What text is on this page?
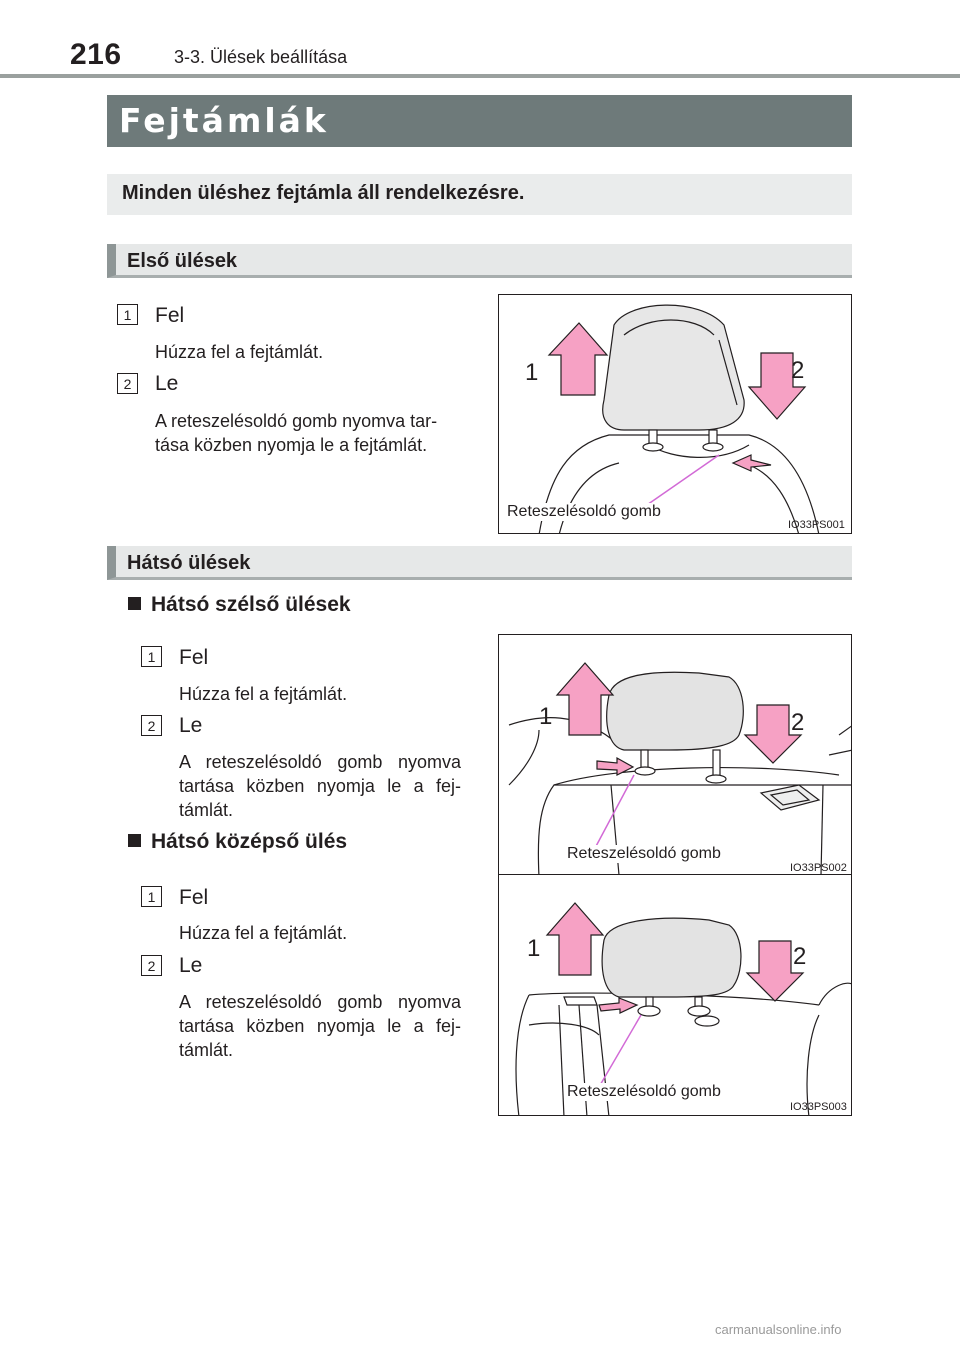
216	3-3. Ülések beállítása
Fejtámlák
Minden üléshez fejtámla áll rendelkezésre.
Első ülések
1	Fel
Húzza fel a fejtámlát.
2	Le
A reteszelésoldó gomb nyomva tar-
tása közben nyomja le a fejtámlát.
1	2
Reteszelésoldó gomb
IO33PS001
Hátsó ülések
Hátsó szélső ülések
1	Fel
Húzza fel a fejtámlát.
2	Le
A reteszelésoldó gomb nyomva tartása közben nyomja le a fej-támlát.
Hátsó középső ülés
1	Fel
Húzza fel a fejtámlát.
2	Le
A reteszelésoldó gomb nyomva tartása közben nyomja le a fej-támlát.
1	2
Reteszelésoldó gomb
IO33PS002
1	2
Reteszelésoldó gomb
IO33PS003
carmanualsonline.info
